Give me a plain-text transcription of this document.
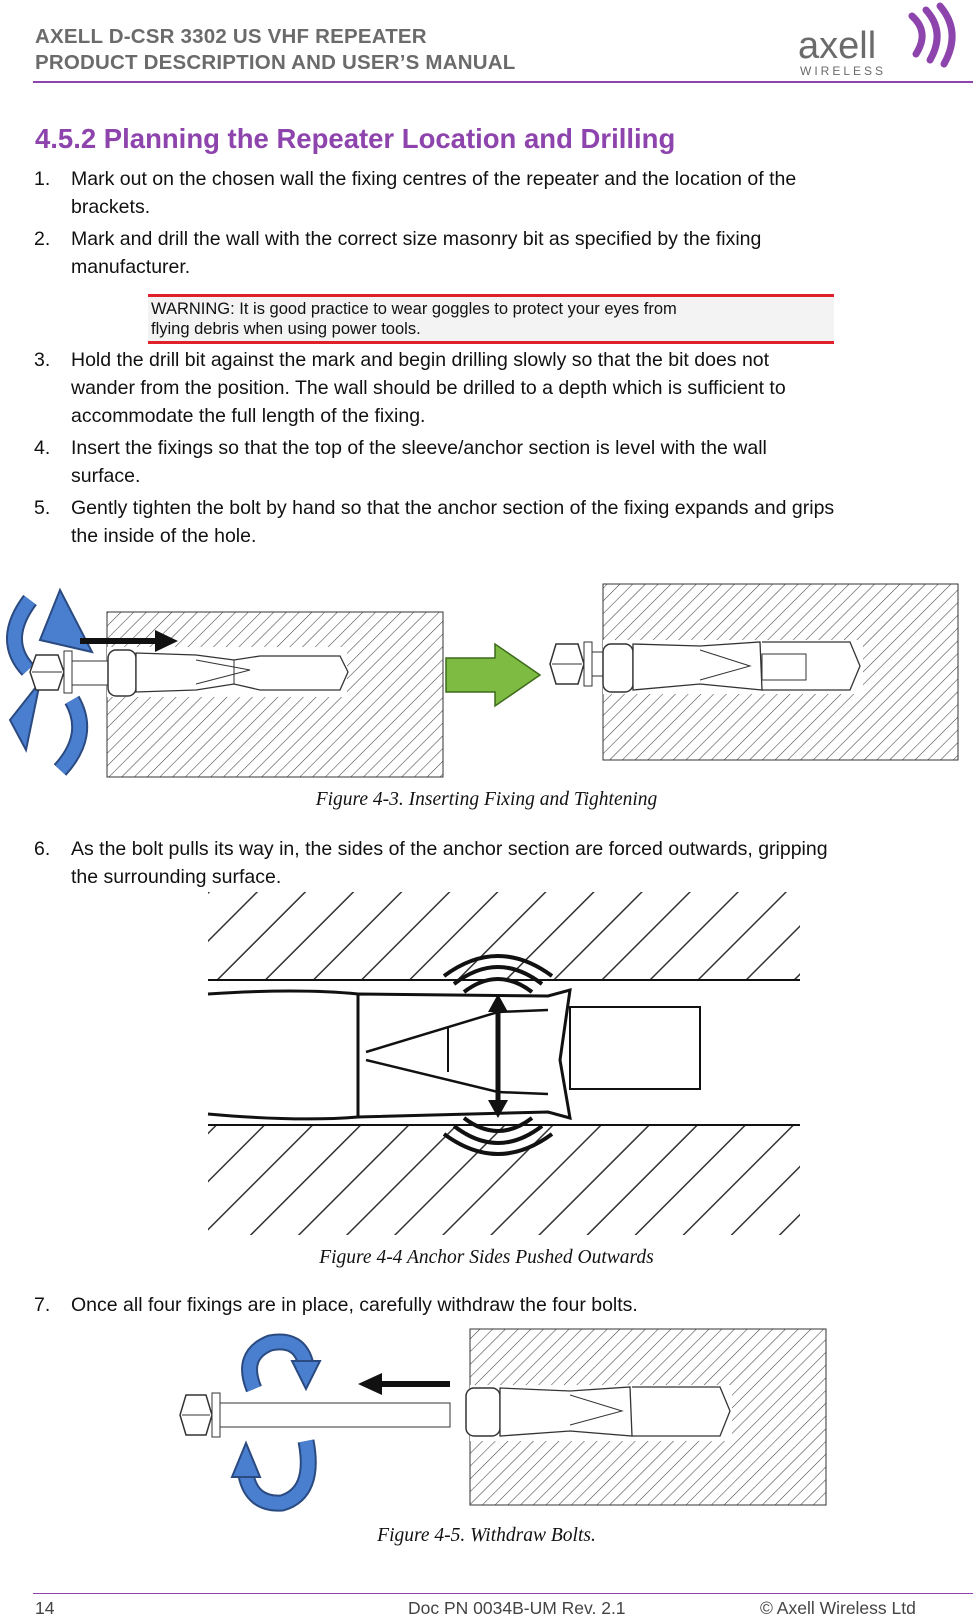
AXELL D-CSR 3302 US VHF REPEATER
PRODUCT DESCRIPTION AND USER’S MANUAL	axell
WIRELESS
4.5.2 Planning the Repeater Location and Drilling
1. Mark out on the chosen wall the fixing centres of the repeater and the location of the
brackets.
2. Mark and drill the wall with the correct size masonry bit as specified by the fixing
manufacturer.
WARNING: It is good practice to wear goggles to protect your eyes from
flying debris when using power tools.
3. Hold the drill bit against the mark and begin drilling slowly so that the bit does not
wander from the position. The wall should be drilled to a depth which is sufficient to
accommodate the full length of the fixing.
4. Insert the fixings so that the top of the sleeve/anchor section is level with the wall
surface.
5. Gently tighten the bolt by hand so that the anchor section of the fixing expands and grips
the inside of the hole.
Figure 4-3. Inserting Fixing and Tightening
6. As the bolt pulls its way in, the sides of the anchor section are forced outwards, gripping
the surrounding surface.
Figure 4-4 Anchor Sides Pushed Outwards
7. Once all four fixings are in place, carefully withdraw the four bolts.
Figure 4-5. Withdraw Bolts.
14	Doc PN 0034B-UM Rev. 2.1	© Axell Wireless Ltd
